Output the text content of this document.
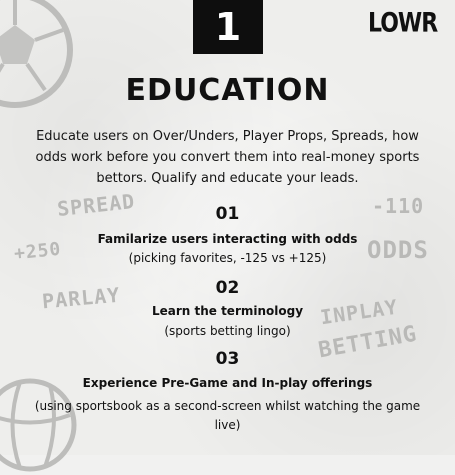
SPREAD	-110
+250	ODDS
PARLAY	INPLAY
BETTING
1	LOWR
EDUCATION
Educate users on Over/Unders, Player Props, Spreads, how odds work before you convert them into real-money sports bettors. Qualify and educate your leads.
01
Familarize users interacting with odds
(picking favorites, -125 vs +125)
02
Learn the terminology
(sports betting lingo)
03
Experience Pre-Game and In-play offerings
(using sportsbook as a second-screen whilst watching the game live)
